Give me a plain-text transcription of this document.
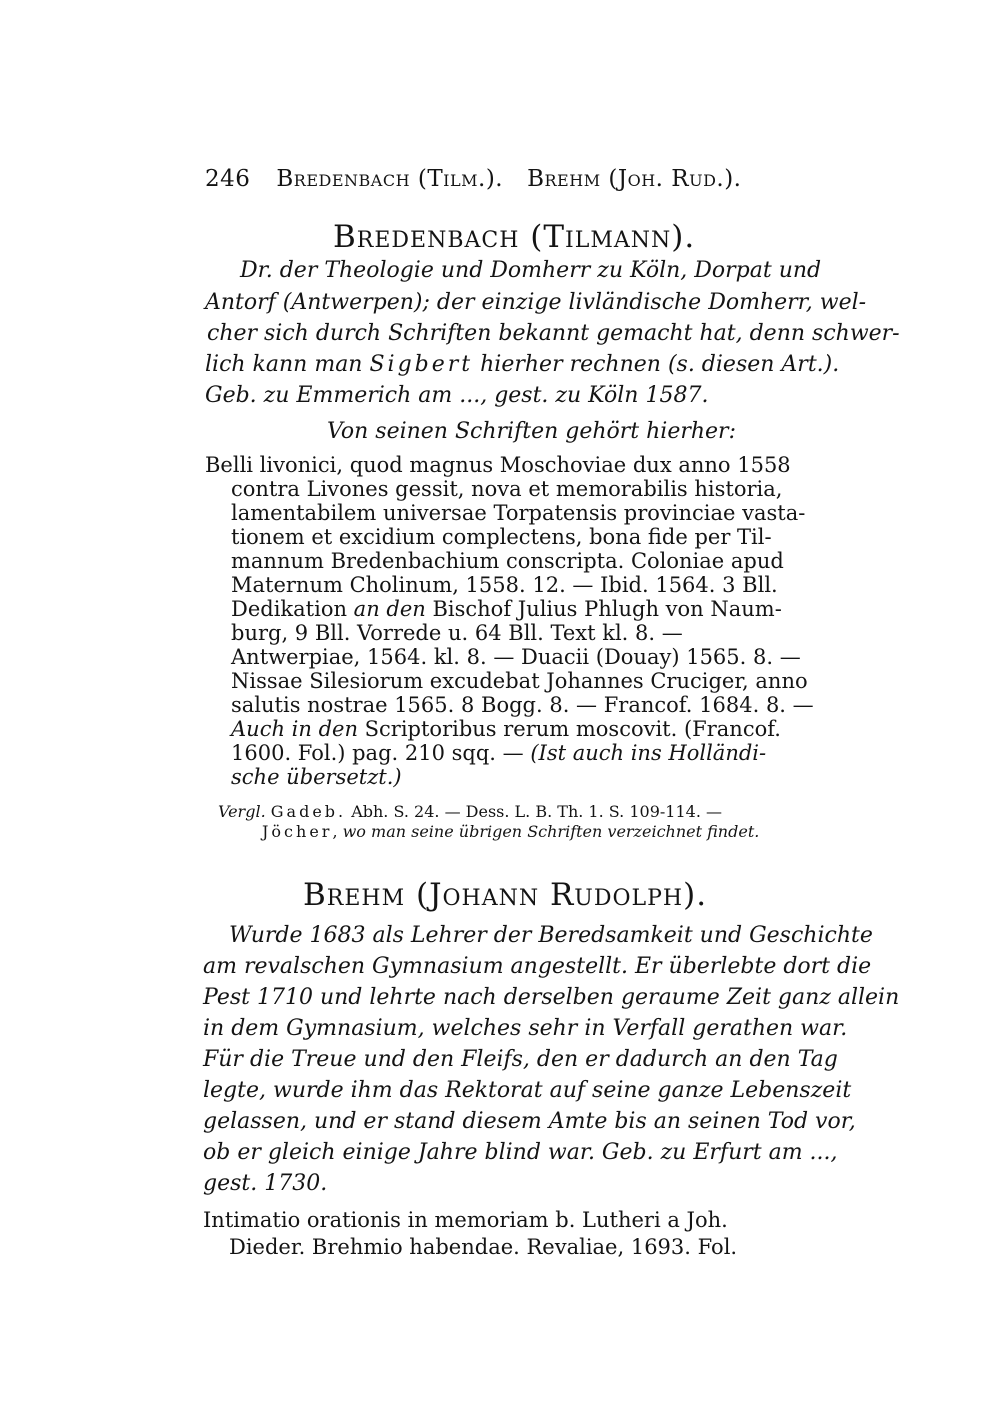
246 Bredenbach (Tilm.). Brehm (Joh. Rud.).
Bredenbach (Tilmann).
Dr. der Theologie und Domherr zu Köln, Dorpat und
Antorf (Antwerpen); der einzige livländische Domherr, wel-
cher sich durch Schriften bekannt gemacht hat, denn schwer-
lich kann man Sigbert hierher rechnen (s. diesen Art.).
Geb. zu Emmerich am ..., gest. zu Köln 1587.
Von seinen Schriften gehört hierher:
Belli livonici, quod magnus Moschoviae dux anno 1558
contra Livones gessit, nova et memorabilis historia,
lamentabilem universae Torpatensis provinciae vasta-
tionem et excidium complectens, bona fide per Til-
mannum Bredenbachium conscripta. Coloniae apud
Maternum Cholinum, 1558. 12. — Ibid. 1564. 3 Bll.
Dedikation an den Bischof Julius Phlugh von Naum-
burg, 9 Bll. Vorrede u. 64 Bll. Text kl. 8. —
Antwerpiae, 1564. kl. 8. — Duacii (Douay) 1565. 8. —
Nissae Silesiorum excudebat Johannes Cruciger, anno
salutis nostrae 1565. 8 Bogg. 8. — Francof. 1684. 8. —
Auch in den Scriptoribus rerum moscovit. (Francof.
1600. Fol.) pag. 210 sqq. — (Ist auch ins Holländi-
sche übersetzt.)
Vergl. Gadeb. Abh. S. 24. — Dess. L. B. Th. 1. S. 109-114. —
Jöcher, wo man seine übrigen Schriften verzeichnet findet.
Brehm (Johann Rudolph).
Wurde 1683 als Lehrer der Beredsamkeit und Geschichte
am revalschen Gymnasium angestellt. Er überlebte dort die
Pest 1710 und lehrte nach derselben geraume Zeit ganz allein
in dem Gymnasium, welches sehr in Verfall gerathen war.
Für die Treue und den Fleifs, den er dadurch an den Tag
legte, wurde ihm das Rektorat auf seine ganze Lebenszeit
gelassen, und er stand diesem Amte bis an seinen Tod vor,
ob er gleich einige Jahre blind war. Geb. zu Erfurt am ...,
gest. 1730.
Intimatio orationis in memoriam b. Lutheri a Joh.
Dieder. Brehmio habendae. Revaliae, 1693. Fol.
